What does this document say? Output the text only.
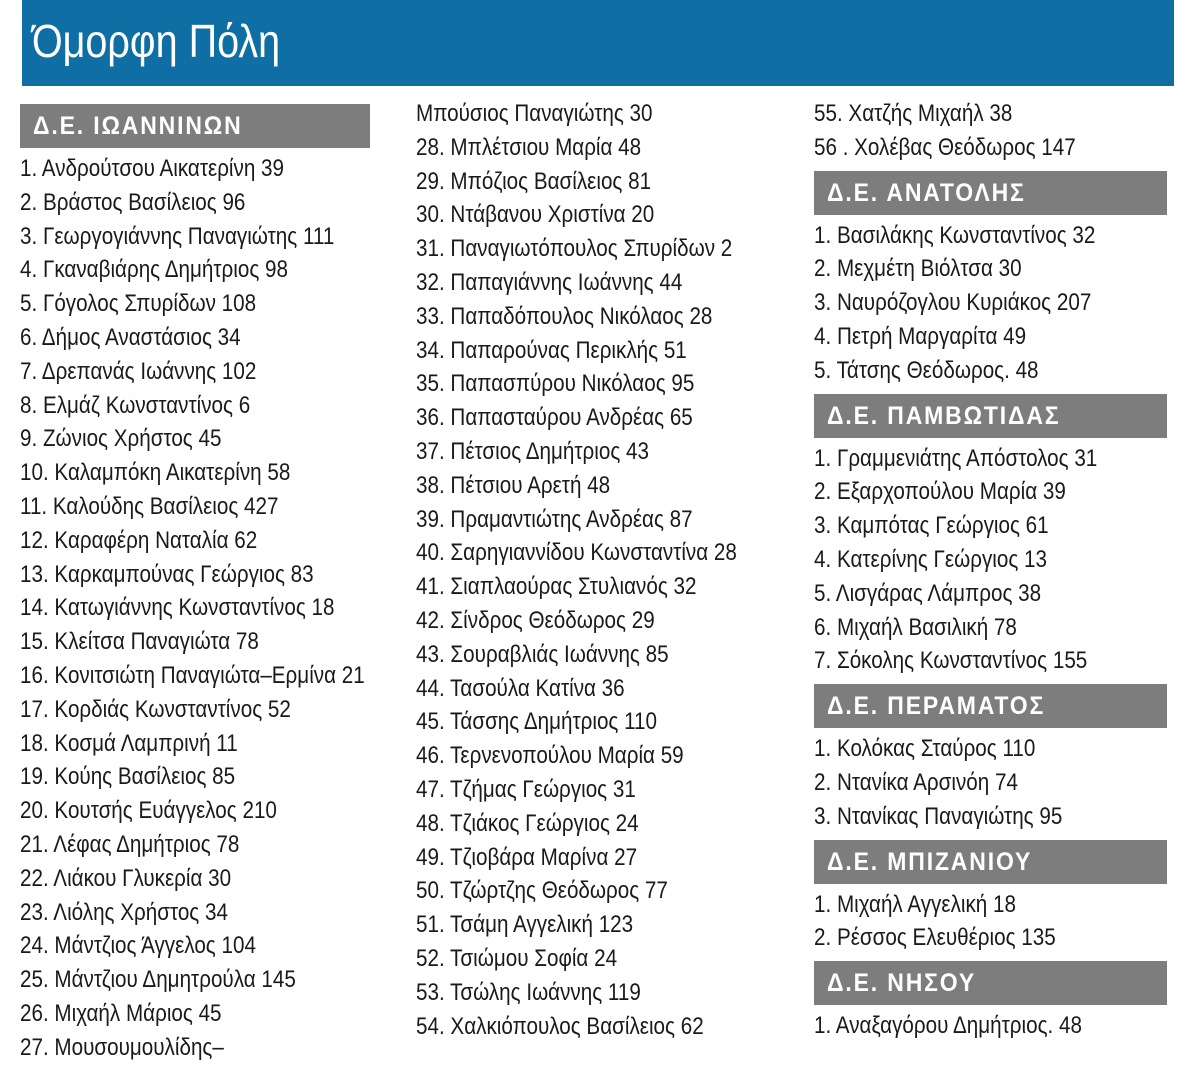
Όμορφη Πόλη
Δ.Ε. ΙΩΑΝΝΙΝΩΝ
1. Ανδρούτσου Αικατερίνη 39
2. Βράστος Βασίλειος 96
3. Γεωργογιάννης Παναγιώτης 111
4. Γκαναβιάρης Δημήτριος 98
5. Γόγολος Σπυρίδων 108
6. Δήμος Αναστάσιος 34
7. Δρεπανάς Ιωάννης 102
8. Ελμάζ Κωνσταντίνος 6
9. Ζώνιος Χρήστος 45
10. Καλαμπόκη Αικατερίνη 58
11. Καλούδης Βασίλειος 427
12. Καραφέρη Ναταλία 62
13. Καρκαμπούνας Γεώργιος 83
14. Κατωγιάννης Κωνσταντίνος 18
15. Κλείτσα Παναγιώτα 78
16. Κονιτσιώτη Παναγιώτα–Ερμίνα 21
17. Κορδιάς Κωνσταντίνος 52
18. Κοσμά Λαμπρινή 11
19. Κούης Βασίλειος 85
20. Κουτσής Ευάγγελος 210
21. Λέφας Δημήτριος 78
22. Λιάκου Γλυκερία 30
23. Λιόλης Χρήστος 34
24. Μάντζιος Άγγελος 104
25. Μάντζιου Δημητρούλα 145
26. Μιχαήλ Μάριος 45
27. Μουσουμουλίδης–
Μπούσιος Παναγιώτης 30
28. Μπλέτσιου Μαρία 48
29. Μπόζιος Βασίλειος 81
30. Ντάβανου Χριστίνα 20
31. Παναγιωτόπουλος Σπυρίδων 2
32. Παπαγιάννης Ιωάννης 44
33. Παπαδόπουλος Νικόλαος 28
34. Παπαρούνας Περικλής 51
35. Παπασπύρου Νικόλαος 95
36. Παπασταύρου Ανδρέας 65
37. Πέτσιος Δημήτριος 43
38. Πέτσιου Αρετή 48
39. Πραμαντιώτης Ανδρέας 87
40. Σαρηγιαννίδου Κωνσταντίνα 28
41. Σιαπλαούρας Στυλιανός 32
42. Σίνδρος Θεόδωρος 29
43. Σουραβλιάς Ιωάννης 85
44. Τασούλα Κατίνα 36
45. Τάσσης Δημήτριος 110
46. Τερνενοπούλου Μαρία 59
47. Τζήμας Γεώργιος 31
48. Τζιάκος Γεώργιος 24
49. Τζιοβάρα Μαρίνα 27
50. Τζώρτζης Θεόδωρος 77
51. Τσάμη Αγγελική 123
52. Τσιώμου Σοφία 24
53. Τσώλης Ιωάννης 119
54. Χαλκιόπουλος Βασίλειος 62
55. Χατζής Μιχαήλ 38
56 . Χολέβας Θεόδωρος 147
Δ.Ε. ΑΝΑΤΟΛΗΣ
1. Βασιλάκης Κωνσταντίνος 32
2. Μεχμέτη Βιόλτσα 30
3. Ναυρόζογλου Κυριάκος 207
4. Πετρή Μαργαρίτα 49
5. Τάτσης Θεόδωρος. 48
Δ.Ε. ΠΑΜΒΩΤΙΔΑΣ
1. Γραμμενιάτης Απόστολος 31
2. Εξαρχοπούλου Μαρία 39
3. Καμπότας Γεώργιος 61
4. Κατερίνης Γεώργιος 13
5. Λισγάρας Λάμπρος 38
6. Μιχαήλ Βασιλική 78
7. Σόκολης Κωνσταντίνος 155
Δ.Ε. ΠΕΡΑΜΑΤΟΣ
1. Κολόκας Σταύρος 110
2. Ντανίκα Αρσινόη 74
3. Ντανίκας Παναγιώτης 95
Δ.Ε. ΜΠΙΖΑΝΙΟΥ
1. Μιχαήλ Αγγελική 18
2. Ρέσσος Ελευθέριος 135
Δ.Ε. ΝΗΣΟΥ
1. Αναξαγόρου Δημήτριος. 48
